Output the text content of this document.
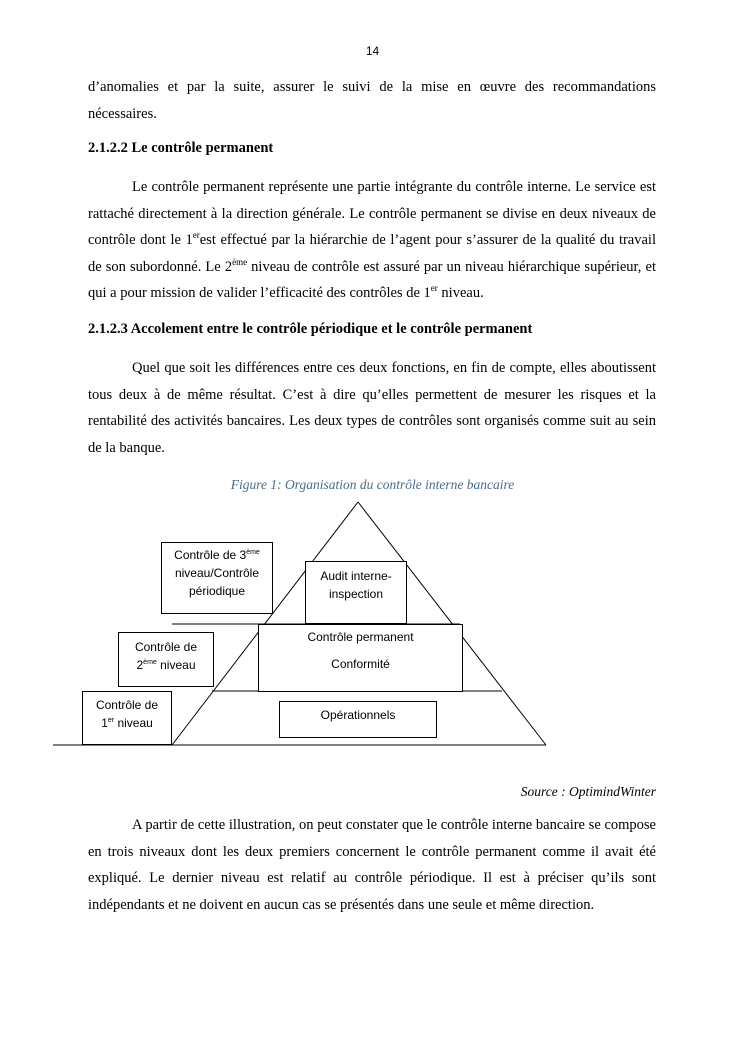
14

d’anomalies et par la suite, assurer le suivi de la mise en œuvre des recommandations nécessaires.

2.1.2.2 Le contrôle permanent

Le contrôle permanent représente une partie intégrante du contrôle interne. Le service est rattaché directement à la direction générale. Le contrôle permanent se divise en deux niveaux de contrôle dont le 1erest effectué par la hiérarchie de l’agent pour s’assurer de la qualité du travail de son subordonné. Le 2ème niveau de contrôle est assuré par un niveau hiérarchique supérieur, et qui a pour mission de valider l’efficacité des contrôles de 1er niveau.

2.1.2.3 Accolement entre le contrôle périodique et le contrôle permanent

Quel que soit les différences entre ces deux fonctions, en fin de compte, elles aboutissent tous deux à de même résultat. C’est à dire qu’elles permettent de mesurer les risques et la rentabilité des activités bancaires. Les deux types de contrôles sont organisés comme suit au sein de la banque.

Figure 1: Organisation du contrôle interne bancaire
Contrôle de 3ème
niveau/Contrôle
périodique
Audit interne-
inspection
Contrôle de
2ème niveau
Contrôle permanent
Conformité
Contrôle de
1er niveau
Opérationnels
Source : OptimindWinter

A partir de cette illustration, on peut constater que le contrôle interne bancaire se compose en trois niveaux dont les deux premiers concernent le contrôle permanent comme il avait été expliqué. Le dernier niveau est relatif au contrôle périodique. Il est à préciser qu’ils sont indépendants et ne doivent en aucun cas se présentés dans une seule et même direction.
